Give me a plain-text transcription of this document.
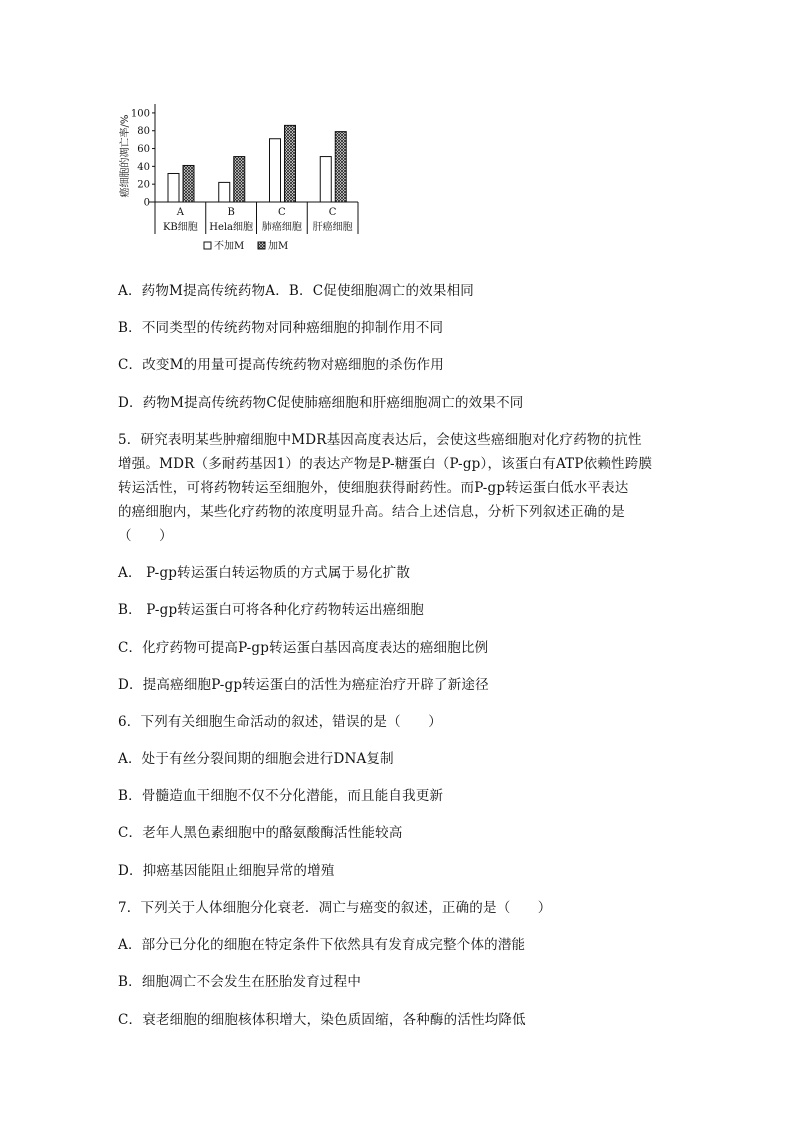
癌细胞的凋亡率/%
0
20
40
60
80
100
A
KB细胞
B
Hela细胞
C
肺癌细胞
C
肝癌细胞
不加M 加M
A．药物M提高传统药物A．B．C促使细胞凋亡的效果相同
B．不同类型的传统药物对同种癌细胞的抑制作用不同
C．改变M的用量可提高传统药物对癌细胞的杀伤作用
D．药物M提高传统药物C促使肺癌细胞和肝癌细胞凋亡的效果不同
5．研究表明某些肿瘤细胞中MDR基因高度表达后，会使这些癌细胞对化疗药物的抗性
增强。MDR（多耐药基因1）的表达产物是P-糖蛋白（P-gp），该蛋白有ATP依赖性跨膜
转运活性，可将药物转运至细胞外，使细胞获得耐药性。而P-gp转运蛋白低水平表达
的癌细胞内，某些化疗药物的浓度明显升高。结合上述信息，分析下列叙述正确的是
（　　）
A． P-gp转运蛋白转运物质的方式属于易化扩散
B． P-gp转运蛋白可将各种化疗药物转运出癌细胞
C．化疗药物可提高P-gp转运蛋白基因高度表达的癌细胞比例
D．提高癌细胞P-gp转运蛋白的活性为癌症治疗开辟了新途径
6．下列有关细胞生命活动的叙述，错误的是（　　）
A．处于有丝分裂间期的细胞会进行DNA复制
B．骨髓造血干细胞不仅不分化潜能，而且能自我更新
C．老年人黑色素细胞中的酪氨酸酶活性能较高
D．抑癌基因能阻止细胞异常的增殖
7．下列关于人体细胞分化衰老．凋亡与癌变的叙述，正确的是（　　）
A．部分已分化的细胞在特定条件下依然具有发育成完整个体的潜能
B．细胞凋亡不会发生在胚胎发育过程中
C．衰老细胞的细胞核体积增大，染色质固缩，各种酶的活性均降低
